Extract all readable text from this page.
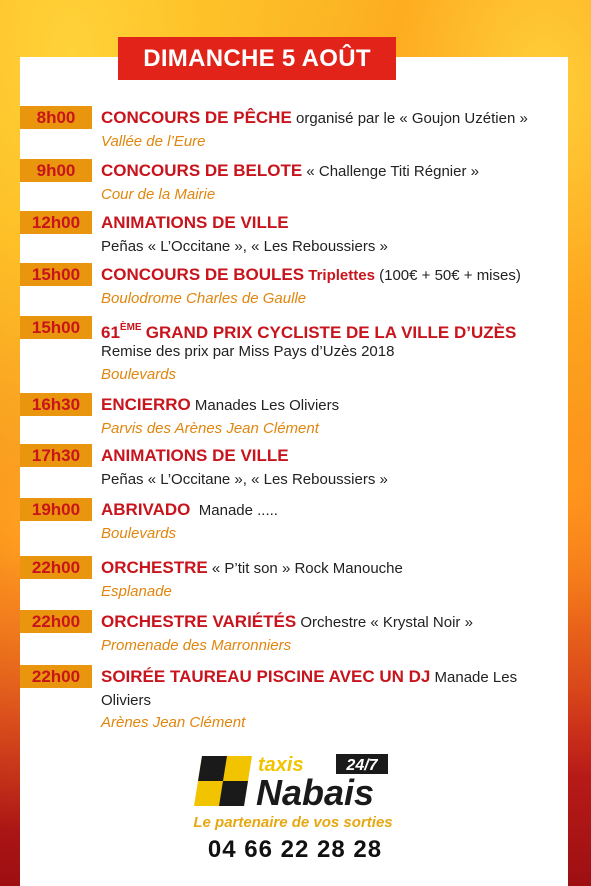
DIMANCHE 5 AOÛT
8h00	CONCOURS DE PÊCHE organisé par le « Goujon Uzétien »
Vallée de l’Eure
9h00	CONCOURS DE BELOTE « Challenge Titi Régnier »
Cour de la Mairie
12h00	ANIMATIONS DE VILLE
Peñas « L’Occitane », « Les Reboussiers »
15h00	CONCOURS DE BOULES Triplettes (100€ + 50€ + mises)
Boulodrome Charles de Gaulle
15h00	61ÈME GRAND PRIX CYCLISTE DE LA VILLE D’UZÈS
Remise des prix par Miss Pays d’Uzès 2018
Boulevards
16h30	ENCIERRO Manades Les Oliviers
Parvis des Arènes Jean Clément
17h30	ANIMATIONS DE VILLE
Peñas « L’Occitane », « Les Reboussiers »
19h00	ABRIVADO Manade .....
Boulevards
22h00	ORCHESTRE « P’tit son » Rock Manouche
Esplanade
22h00	ORCHESTRE VARIÉTÉS Orchestre « Krystal Noir »
Promenade des Marronniers
22h00	SOIRÉE TAUREAU PISCINE AVEC UN DJ Manade Les
Oliviers
Arènes Jean Clément
taxis	24/7
Nabais
Le partenaire de vos sorties
04 66 22 28 28
